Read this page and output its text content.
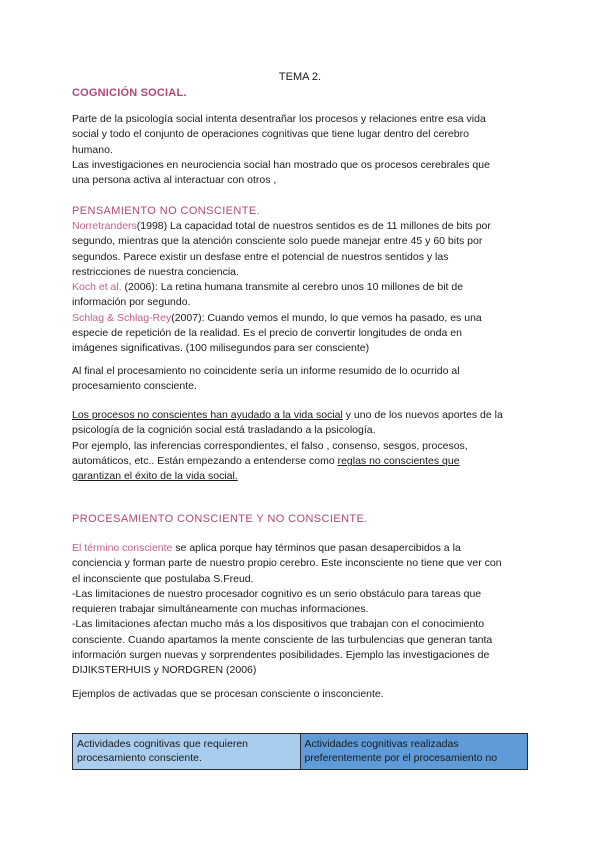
TEMA 2.
COGNICIÓN SOCIAL.
Parte de la psicología social intenta desentrañar los procesos y relaciones entre esa vida
social y todo el conjunto de operaciones cognitivas que tiene lugar dentro del cerebro
humano.
Las investigaciones en neurociencia social han mostrado que os procesos cerebrales que
una persona activa al interactuar con otros ,
PENSAMIENTO NO CONSCIENTE.
Norretranders(1998) La capacidad total de nuestros sentidos es de 11 millones de bits por
segundo, mientras que la atención consciente solo puede manejar entre 45 y 60 bits por
segundos. Parece existir un desfase entre el potencial de nuestros sentidos y las
restricciones de nuestra conciencia.
Koch et al. (2006): La retina humana transmite al cerebro unos 10 millones de bit de
información por segundo.
Schlag & Schlag-Rey(2007): Cuando vemos el mundo, lo que vemos ha pasado, es una
especie de repetición de la realidad. Es el precio de convertir longitudes de onda en
imágenes significativas. (100 milisegundos para ser consciente)
Al final el procesamiento no coincidente sería un informe resumido de lo ocurrido al
procesamiento consciente.
Los procesos no conscientes han ayudado a la vida social y uno de los nuevos aportes de la
psicología de la cognición social está trasladando a la psicología.
Por ejemplo, las inferencias correspondientes, el falso , consenso, sesgos, procesos,
automáticos, etc.. Están empezando a entenderse como reglas no conscientes que
garantizan el éxito de la vida social.
PROCESAMIENTO CONSCIENTE Y NO CONSCIENTE.
El término consciente se aplica porque hay términos que pasan desapercibidos a la
conciencia y forman parte de nuestro propio cerebro. Este inconsciente no tiene que ver con
el inconsciente que postulaba S.Freud.
-Las limitaciones de nuestro procesador cognitivo es un serio obstáculo para tareas que
requieren trabajar simultáneamente con muchas informaciones.
-Las limitaciones afectan mucho más a los dispositivos que trabajan con el conocimiento
consciente. Cuando apartamos la mente consciente de las turbulencias que generan tanta
información surgen nuevas y sorprendentes posibilidades. Ejemplo las investigaciones de
DIJIKSTERHUIS y NORDGREN (2006)
Ejemplos de activadas que se procesan consciente o insconciente.
Actividades cognitivas que requieren
procesamiento consciente.

Actividades cognitivas realizadas
preferentemente por el procesamiento no
